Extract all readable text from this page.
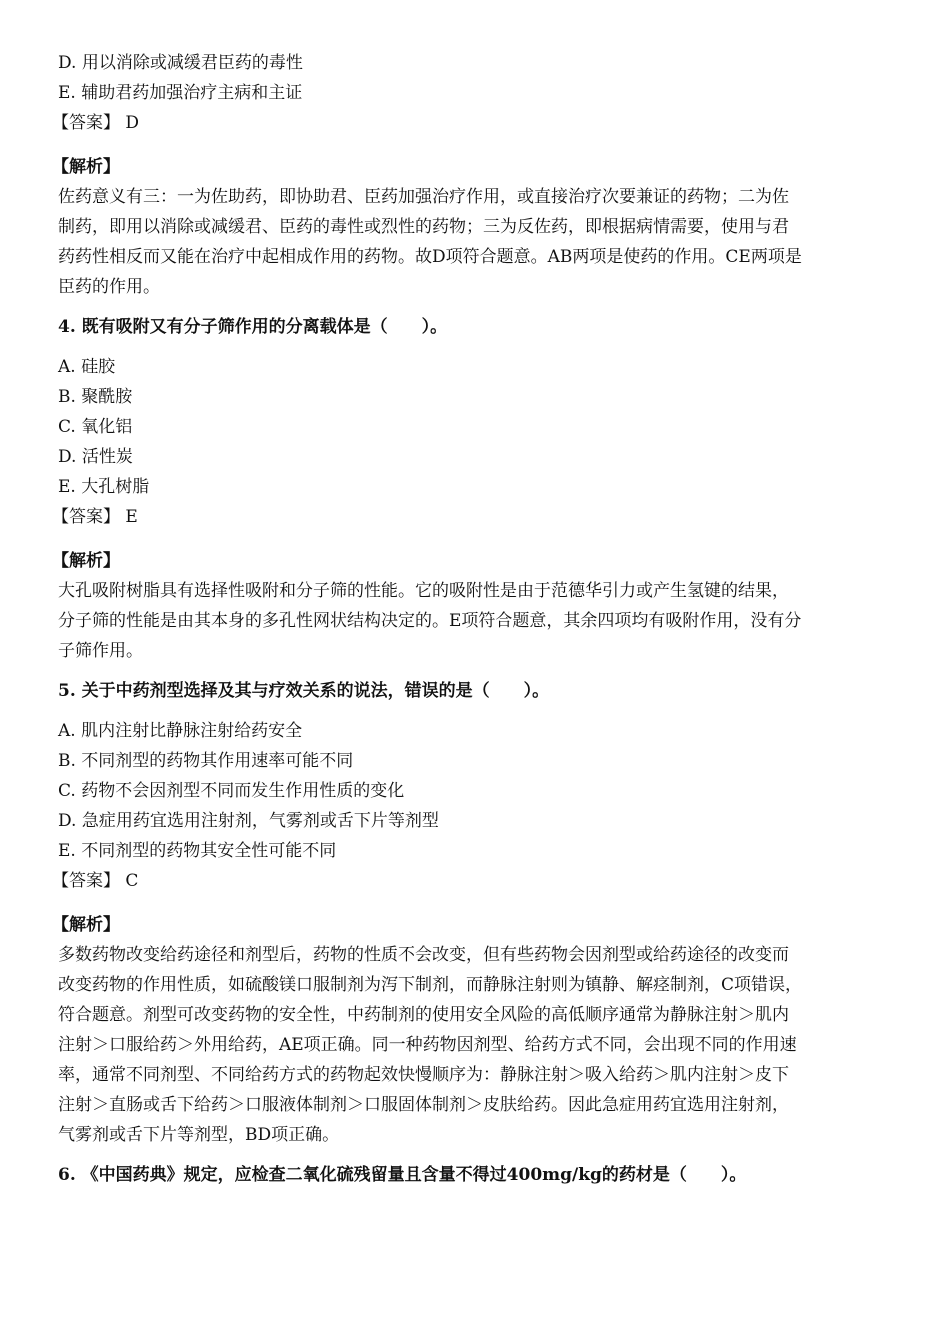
D. 用以消除或减缓君臣药的毒性
E. 辅助君药加强治疗主病和主证
【答案】 D
【解析】
佐药意义有三：一为佐助药，即协助君、臣药加强治疗作用，或直接治疗次要兼证的药物；二为佐
制药，即用以消除或减缓君、臣药的毒性或烈性的药物；三为反佐药，即根据病情需要，使用与君
药药性相反而又能在治疗中起相成作用的药物。故D项符合题意。AB两项是使药的作用。CE两项是
臣药的作用。
4. 既有吸附又有分子筛作用的分离载体是（　　）。
A. 硅胶
B. 聚酰胺
C. 氧化铝
D. 活性炭
E. 大孔树脂
【答案】 E
【解析】
大孔吸附树脂具有选择性吸附和分子筛的性能。它的吸附性是由于范德华引力或产生氢键的结果，
分子筛的性能是由其本身的多孔性网状结构决定的。E项符合题意，其余四项均有吸附作用，没有分
子筛作用。
5. 关于中药剂型选择及其与疗效关系的说法，错误的是（　　）。
A. 肌内注射比静脉注射给药安全
B. 不同剂型的药物其作用速率可能不同
C. 药物不会因剂型不同而发生作用性质的变化
D. 急症用药宜选用注射剂，气雾剂或舌下片等剂型
E. 不同剂型的药物其安全性可能不同
【答案】 C
【解析】
多数药物改变给药途径和剂型后，药物的性质不会改变，但有些药物会因剂型或给药途径的改变而
改变药物的作用性质，如硫酸镁口服制剂为泻下制剂，而静脉注射则为镇静、解痉制剂，C项错误，
符合题意。剂型可改变药物的安全性，中药制剂的使用安全风险的高低顺序通常为静脉注射＞肌内
注射＞口服给药＞外用给药，AE项正确。同一种药物因剂型、给药方式不同，会出现不同的作用速
率，通常不同剂型、不同给药方式的药物起效快慢顺序为：静脉注射＞吸入给药＞肌内注射＞皮下
注射＞直肠或舌下给药＞口服液体制剂＞口服固体制剂＞皮肤给药。因此急症用药宜选用注射剂，
气雾剂或舌下片等剂型，BD项正确。
6. 《中国药典》规定，应检查二氧化硫残留量且含量不得过400mg/kg的药材是（　　）。
